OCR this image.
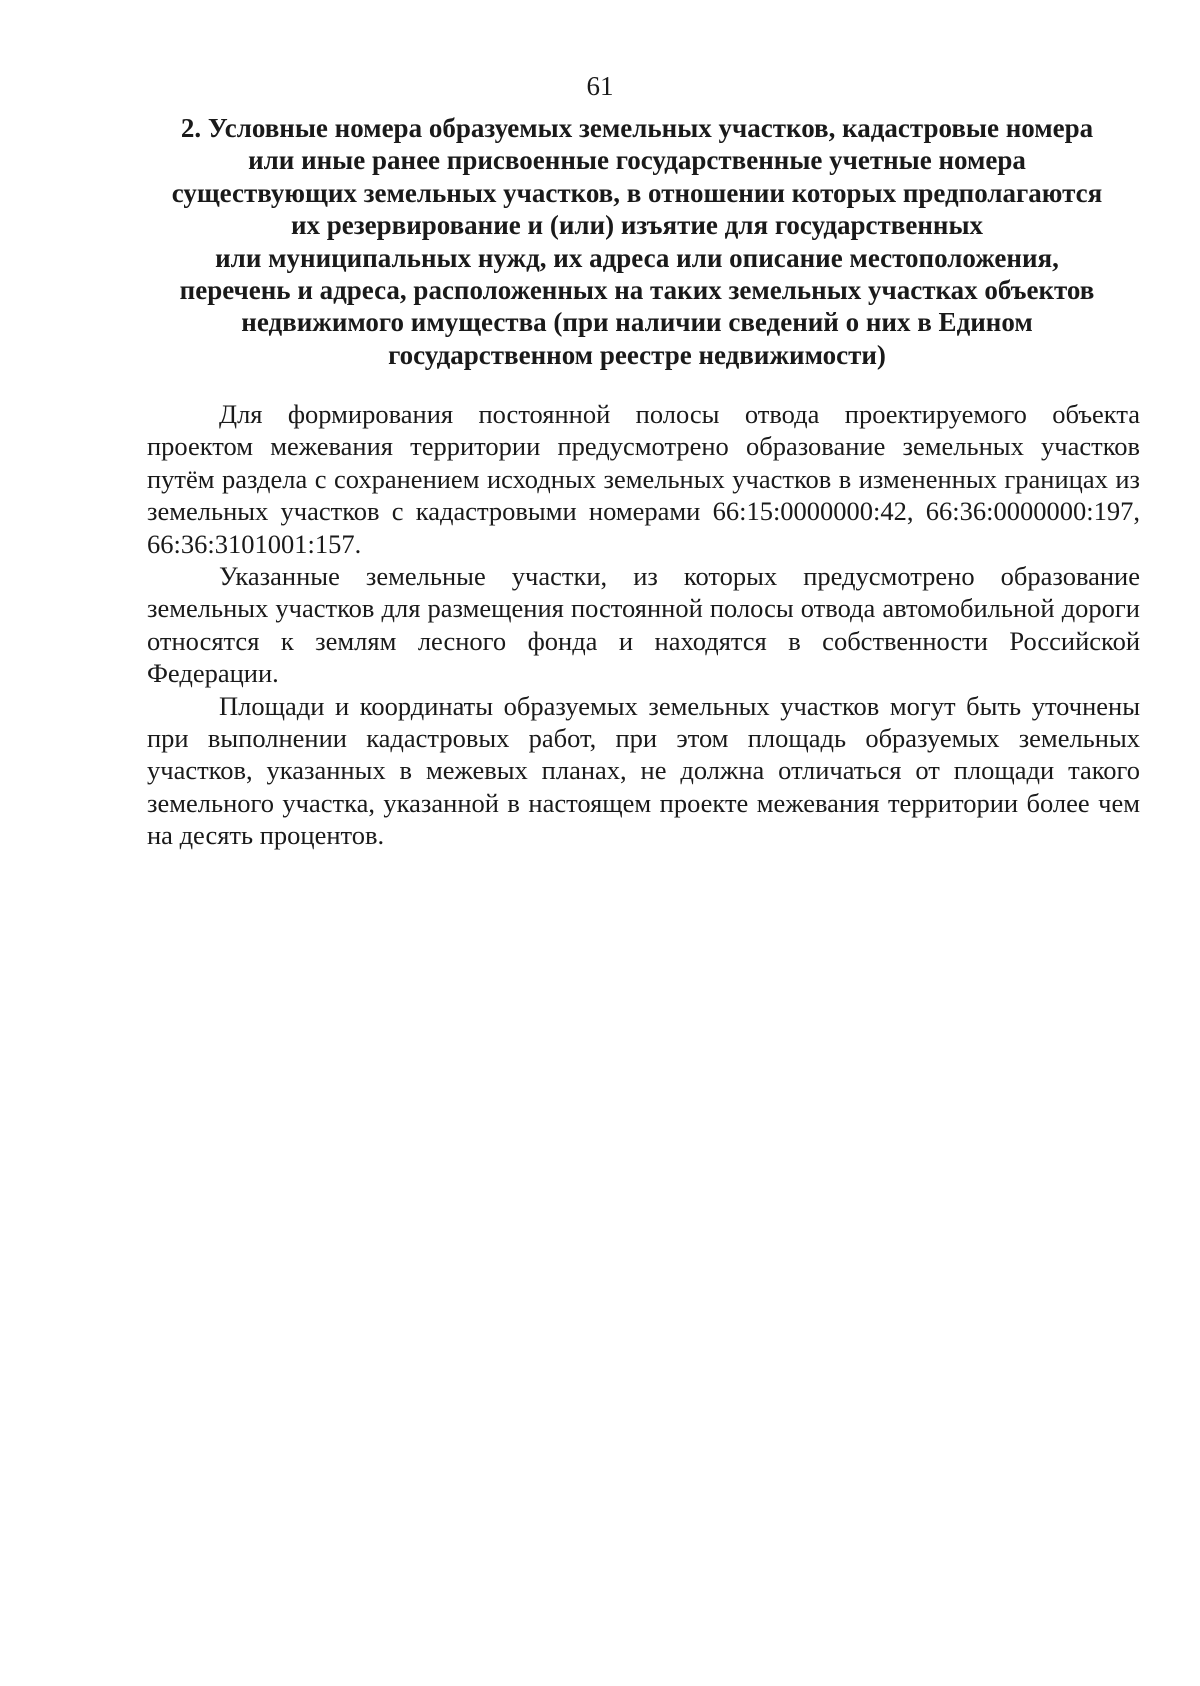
61
2. Условные номера образуемых земельных участков, кадастровые номера
или иные ранее присвоенные государственные учетные номера
существующих земельных участков, в отношении которых предполагаются
их резервирование и (или) изъятие для государственных
или муниципальных нужд, их адреса или описание местоположения,
перечень и адреса, расположенных на таких земельных участках объектов
недвижимого имущества (при наличии сведений о них в Едином
государственном реестре недвижимости)

Для формирования постоянной полосы отвода проектируемого объекта проектом межевания территории предусмотрено образование земельных участков путём раздела с сохранением исходных земельных участков в измененных границах из земельных участков с кадастровыми номерами 66:15:0000000:42, 66:36:0000000:197, 66:36:3101001:157.

Указанные земельные участки, из которых предусмотрено образование земельных участков для размещения постоянной полосы отвода автомобильной дороги относятся к землям лесного фонда и находятся в собственности Российской Федерации.

Площади и координаты образуемых земельных участков могут быть уточнены при выполнении кадастровых работ, при этом площадь образуемых земельных участков, указанных в межевых планах, не должна отличаться от площади такого земельного участка, указанной в настоящем проекте межевания территории более чем на десять процентов.
